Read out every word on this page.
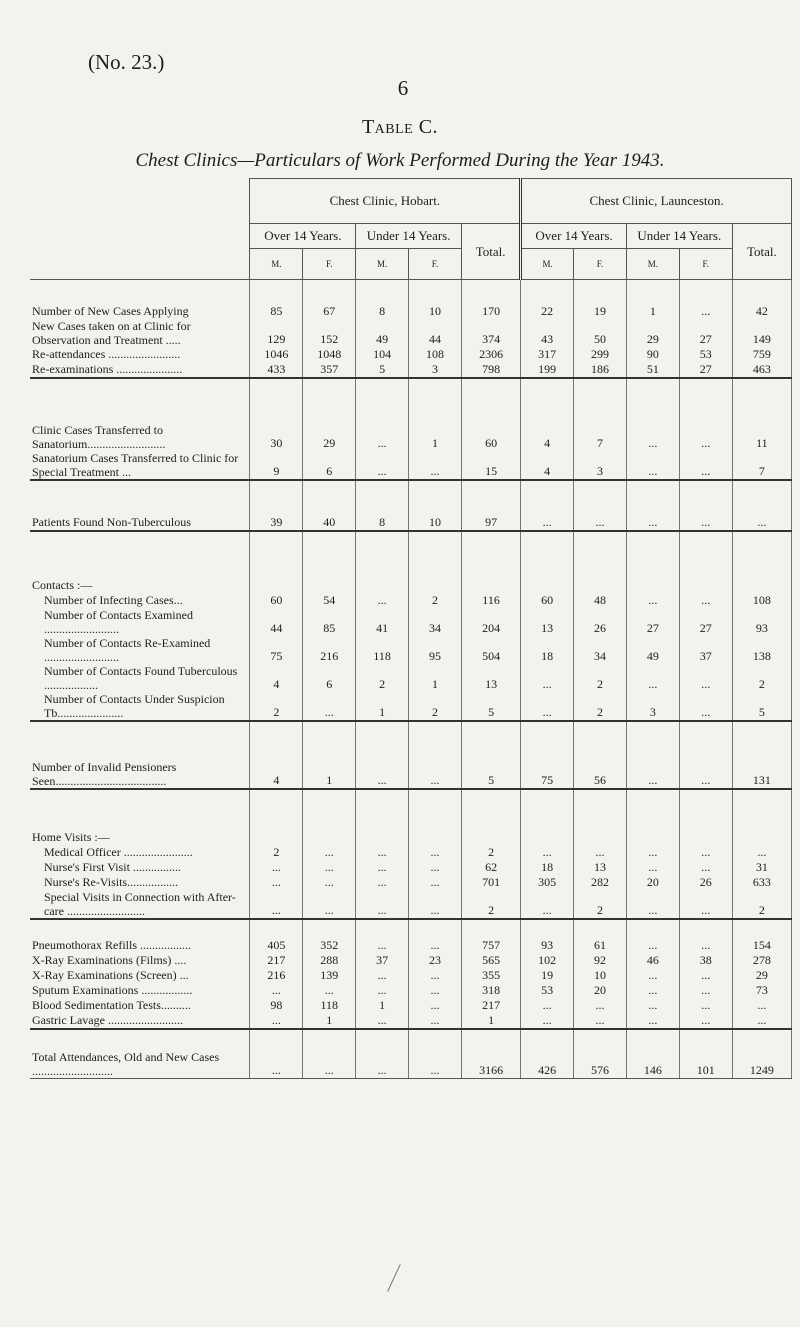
(No. 23.)
6
Table C.
Chest Clinics—Particulars of Work Performed During the Year 1943.
	Chest Clinic, Hobart.					Chest Clinic, Launceston.				
	Over 14 Years.		Under 14 Years.		Total.	Over 14 Years.		Under 14 Years.		Total.
	M.	F.	M.	F.		M.	F.	M.	F.	

Number of New Cases Applying	85	67	8	10	170	22	19	1	...	42
New Cases taken on at Clinic for Observation and Treatment .....	129	152	49	44	374	43	50	29	27	149
Re-attendances ........................	1046	1048	104	108	2306	317	299	90	53	759
Re-examinations ......................	433	357	5	3	798	199	186	51	27	463

Clinic Cases Transferred to Sanatorium..........................	30	29	...	1	60	4	7	...	...	11
Sanatorium Cases Transferred to Clinic for Special Treatment ...	9	6	...	...	15	4	3	...	...	7

Patients Found Non-Tuberculous	39	40	8	10	97	...	...	...	...	...

Contacts :—										
Number of Infecting Cases...	60	54	...	2	116	60	48	...	...	108
Number of Contacts Examined .........................	44	85	41	34	204	13	26	27	27	93
Number of Contacts Re-Examined .........................	75	216	118	95	504	18	34	49	37	138
Number of Contacts Found Tuberculous ..................	4	6	2	1	13	...	2	...	...	2
Number of Contacts Under Suspicion Tb......................	2	...	1	2	5	...	2	3	...	5

Number of Invalid Pensioners Seen.....................................	4	1	...	...	5	75	56	...	...	131

Home Visits :—										
Medical Officer .......................	2	...	...	...	2	...	...	...	...	...
Nurse's First Visit ................	...	...	...	...	62	18	13	...	...	31
Nurse's Re-Visits.................	...	...	...	...	701	305	282	20	26	633
Special Visits in Connection with After-care ..........................	...	...	...	...	2	...	2	...	...	2

Pneumothorax Refills .................	405	352	...	...	757	93	61	...	...	154
X-Ray Examinations (Films) ....	217	288	37	23	565	102	92	46	38	278
X-Ray Examinations (Screen) ...	216	139	...	...	355	19	10	...	...	29
Sputum Examinations .................	...	...	...	...	318	53	20	...	...	73
Blood Sedimentation Tests..........	98	118	1	...	217	...	...	...	...	...
Gastric Lavage .........................	...	1	...	...	1	...	...	...	...	...

Total Attendances, Old and New Cases ...........................	...	...	...	...	3166	426	576	146	101	1249
